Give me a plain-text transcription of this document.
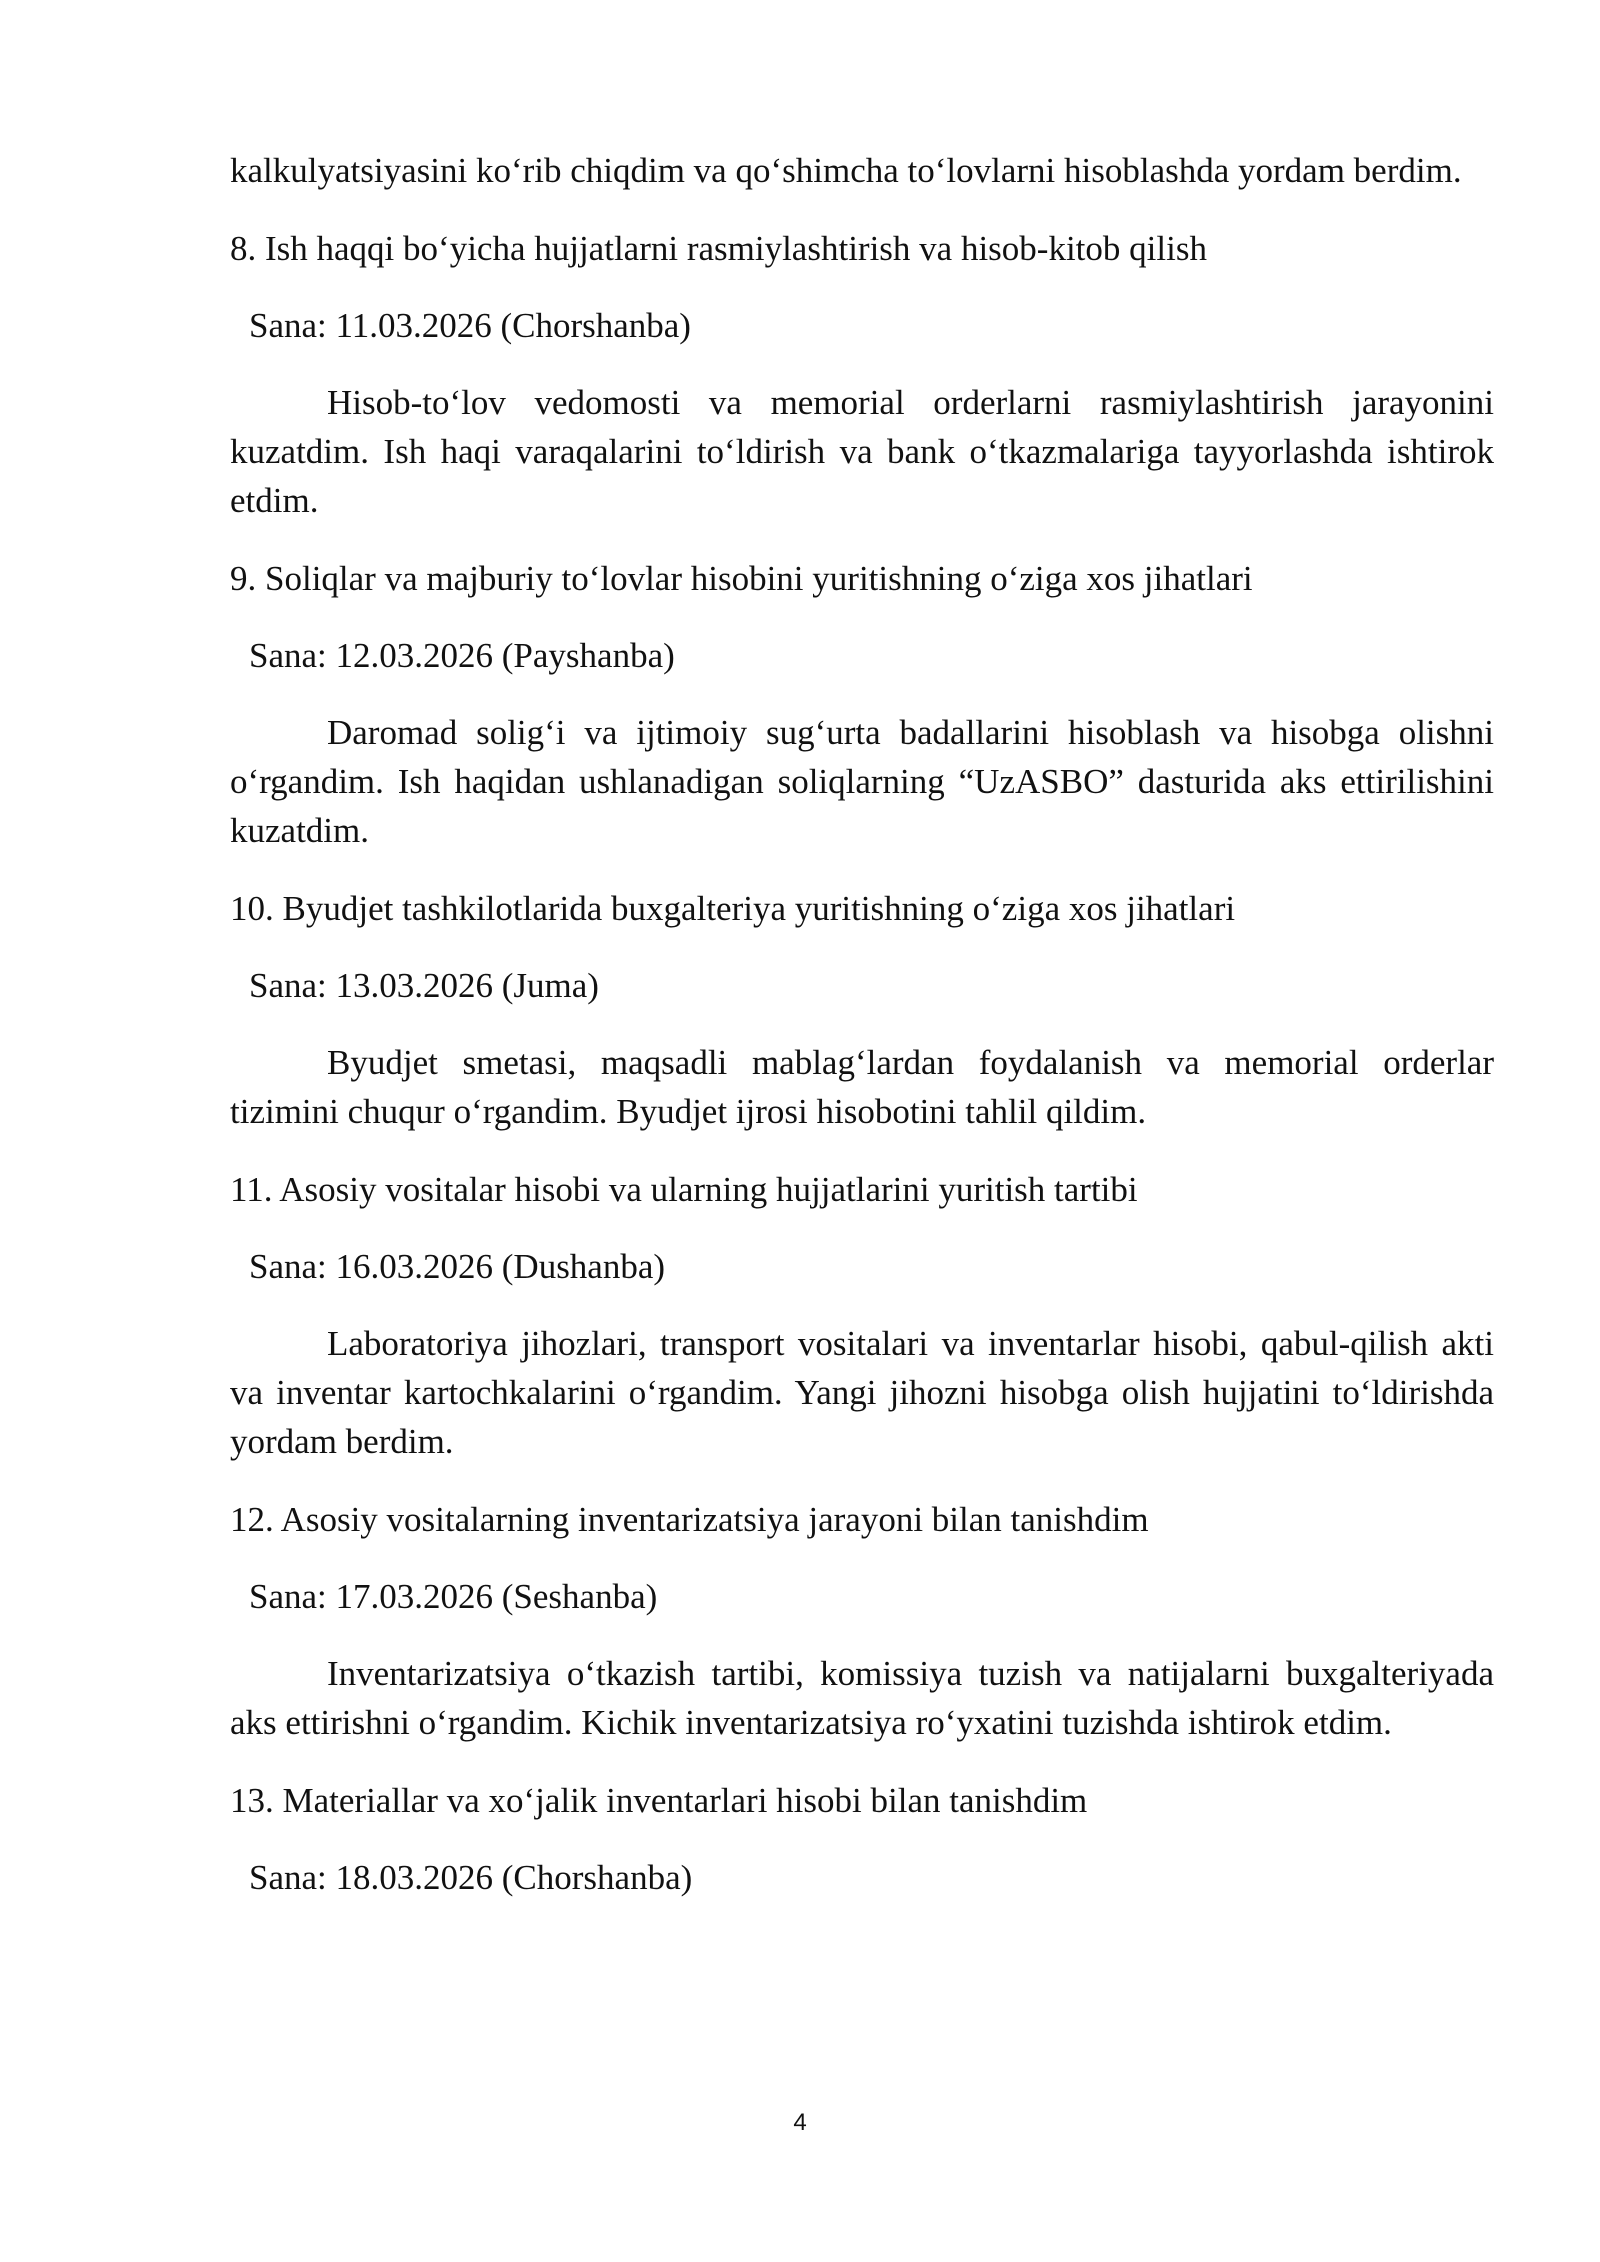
kalkulyatsiyasini ko‘rib chiqdim va qo‘shimcha to‘lovlarni hisoblashda yordam berdim.

8. Ish haqqi bo‘yicha hujjatlarni rasmiylashtirish va hisob-kitob qilish

Sana: 11.03.2026 (Chorshanba)

Hisob-to‘lov vedomosti va memorial orderlarni rasmiylashtirish jarayonini kuzatdim. Ish haqi varaqalarini to‘ldirish va bank o‘tkazmalariga tayyorlashda ishtirok etdim.

9. Soliqlar va majburiy to‘lovlar hisobini yuritishning o‘ziga xos jihatlari

Sana: 12.03.2026 (Payshanba)

Daromad solig‘i va ijtimoiy sug‘urta badallarini hisoblash va hisobga olishni o‘rgandim. Ish haqidan ushlanadigan soliqlarning “UzASBO” dasturida aks ettirilishini kuzatdim.

10. Byudjet tashkilotlarida buxgalteriya yuritishning o‘ziga xos jihatlari

Sana: 13.03.2026 (Juma)

Byudjet smetasi, maqsadli mablag‘lardan foydalanish va memorial orderlar tizimini chuqur o‘rgandim. Byudjet ijrosi hisobotini tahlil qildim.

11. Asosiy vositalar hisobi va ularning hujjatlarini yuritish tartibi

Sana: 16.03.2026 (Dushanba)

Laboratoriya jihozlari, transport vositalari va inventarlar hisobi, qabul-qilish akti va inventar kartochkalarini o‘rgandim. Yangi jihozni hisobga olish hujjatini to‘ldirishda yordam berdim.

12. Asosiy vositalarning inventarizatsiya jarayoni bilan tanishdim

Sana: 17.03.2026 (Seshanba)

Inventarizatsiya o‘tkazish tartibi, komissiya tuzish va natijalarni buxgalteriyada aks ettirishni o‘rgandim. Kichik inventarizatsiya ro‘yxatini tuzishda ishtirok etdim.

13. Materiallar va xo‘jalik inventarlari hisobi bilan tanishdim

Sana: 18.03.2026 (Chorshanba)

4
